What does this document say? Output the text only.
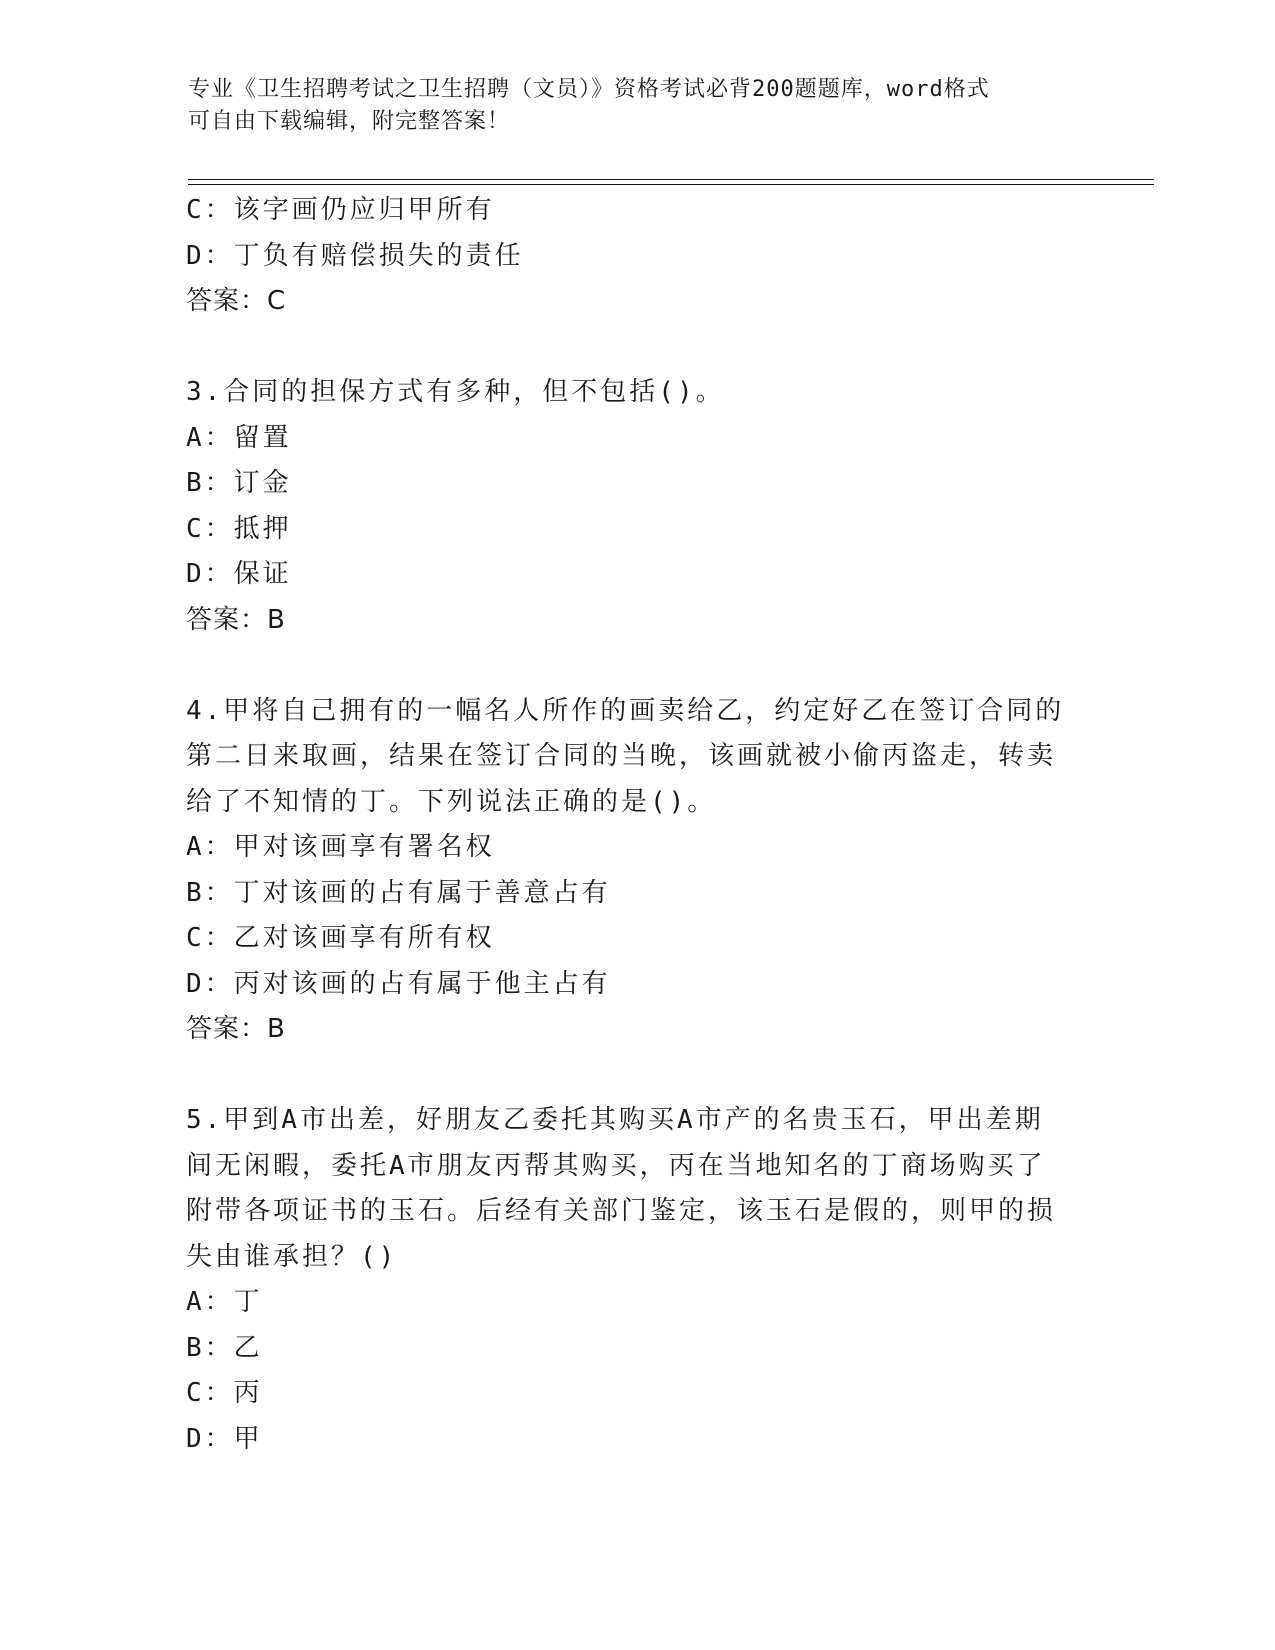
专业《卫生招聘考试之卫生招聘（文员）》资格考试必背200题题库，word格式
可自由下载编辑，附完整答案！
C：该字画仍应归甲所有
D：丁负有赔偿损失的责任
答案：C
3.合同的担保方式有多种，但不包括()。
A：留置
B：订金
C：抵押
D：保证
答案：B
4.甲将自己拥有的一幅名人所作的画卖给乙，约定好乙在签订合同的
第二日来取画，结果在签订合同的当晚，该画就被小偷丙盗走，转卖
给了不知情的丁。下列说法正确的是()。
A：甲对该画享有署名权
B：丁对该画的占有属于善意占有
C：乙对该画享有所有权
D：丙对该画的占有属于他主占有
答案：B
5.甲到A市出差，好朋友乙委托其购买A市产的名贵玉石，甲出差期
间无闲暇，委托A市朋友丙帮其购买，丙在当地知名的丁商场购买了
附带各项证书的玉石。后经有关部门鉴定，该玉石是假的，则甲的损
失由谁承担？()
A：丁
B：乙
C：丙
D：甲
